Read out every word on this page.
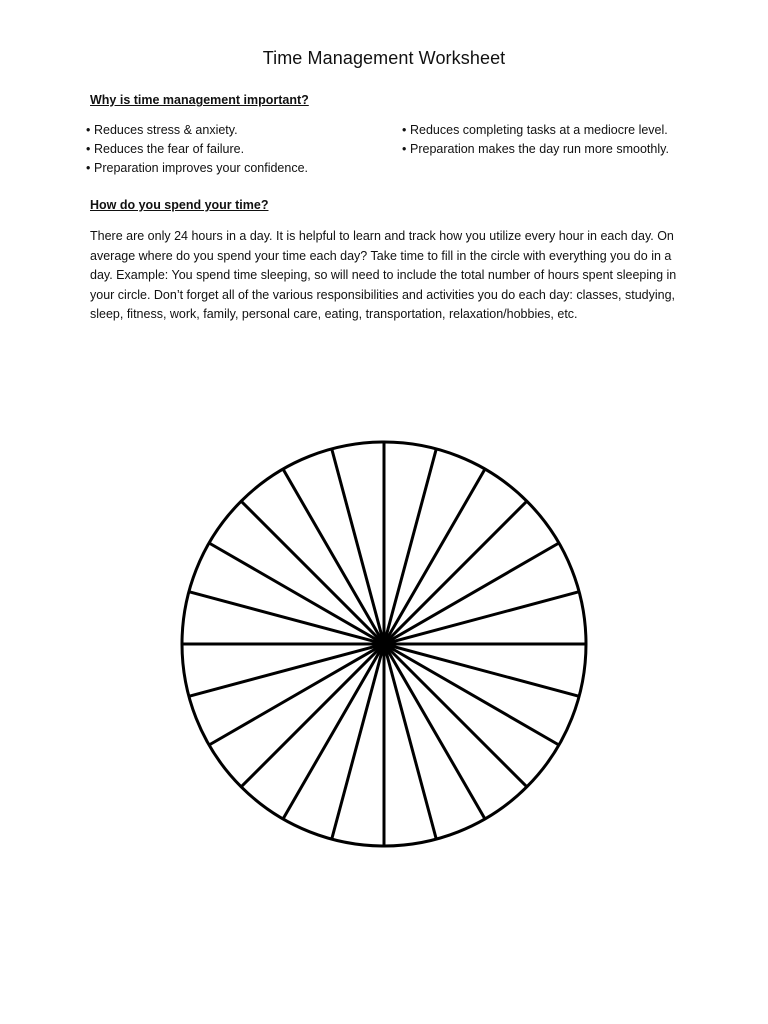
Time Management Worksheet
Why is time management important?
• Reduces stress & anxiety.
• Reduces the fear of failure.
• Preparation improves your confidence.
• Reduces completing tasks at a mediocre level.
• Preparation makes the day run more smoothly.
How do you spend your time?

There are only 24 hours in a day. It is helpful to learn and track how you utilize every hour in each day. On average where do you spend your time each day? Take time to fill in the circle with everything you do in a day. Example: You spend time sleeping, so will need to include the total number of hours spent sleeping in your circle. Don’t forget all of the various responsibilities and activities you do each day: classes, studying, sleep, fitness, work, family, personal care, eating, transportation, relaxation/hobbies, etc.
